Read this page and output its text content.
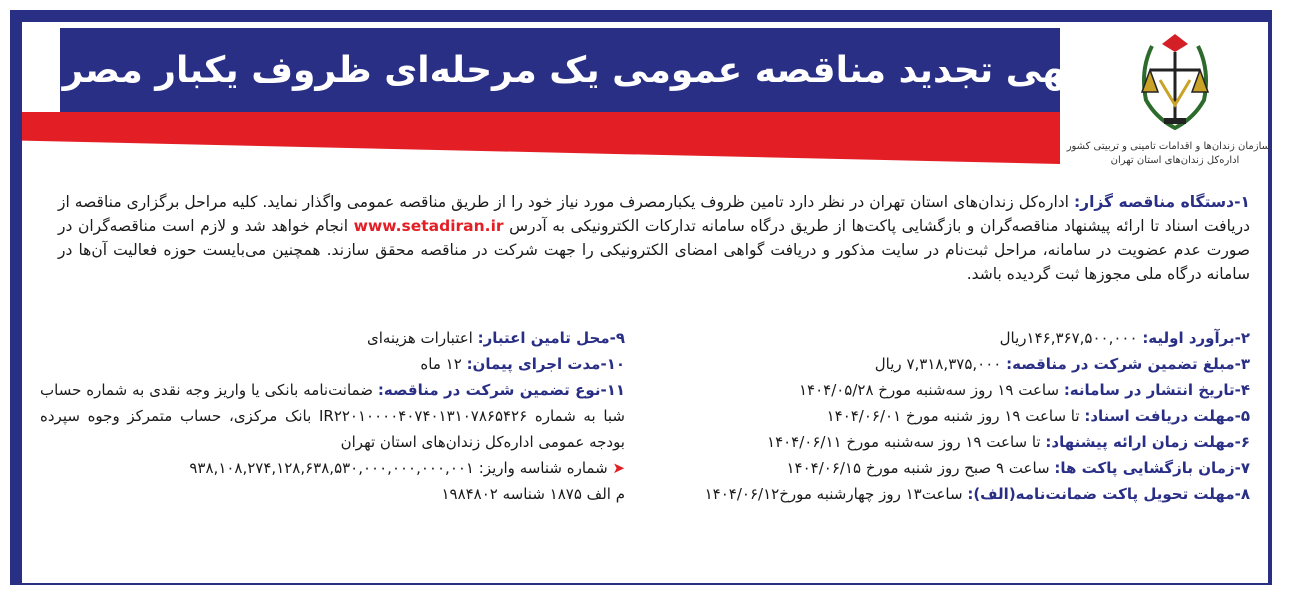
آگهی تجدید مناقصه عمومی یک مرحله‌ای ظروف یکبار مصرف
سازمان زندان‌ها و اقدامات تامینی و تربیتی کشور
اداره‌کل زندان‌های استان تهران
۱-دستگاه مناقصه گزار: اداره‌کل زندان‌های استان تهران در نظر دارد تامین ظروف یکبارمصرف مورد نیاز خود را از طریق مناقصه عمومی واگذار نماید. کلیه مراحل برگزاری مناقصه از دریافت اسناد تا ارائه پیشنهاد مناقصه‌گران و بازگشایی پاکت‌ها از طریق درگاه سامانه تدارکات الکترونیکی به آدرس www.setadiran.ir انجام خواهد شد و لازم است مناقصه‌گران در صورت عدم عضویت در سامانه، مراحل ثبت‌نام در سایت مذکور و دریافت گواهی امضای الکترونیکی را جهت شرکت در مناقصه محقق سازند. همچنین می‌بایست حوزه فعالیت آن‌ها در سامانه درگاه ملی مجوزها ثبت گردیده باشد.
۲-برآورد اولیه: ۱۴۶,۳۶۷,۵۰۰,۰۰۰ریال
۳-مبلغ تضمین شرکت در مناقصه: ۷,۳۱۸,۳۷۵,۰۰۰ ریال
۴-تاریخ انتشار در سامانه: ساعت ۱۹ روز سه‌شنبه مورخ ۱۴۰۴/۰۵/۲۸
۵-مهلت دریافت اسناد: تا ساعت ۱۹ روز شنبه مورخ ۱۴۰۴/۰۶/۰۱
۶-مهلت زمان ارائه پیشنهاد: تا ساعت ۱۹ روز سه‌شنبه مورخ ۱۴۰۴/۰۶/۱۱
۷-زمان بازگشایی پاکت ها: ساعت ۹ صبح روز شنبه مورخ ۱۴۰۴/۰۶/۱۵
۸-مهلت تحویل پاکت ضمانت‌نامه(الف): ساعت۱۳ روز چهارشنبه مورخ۱۴۰۴/۰۶/۱۲
۹-محل تامین اعتبار: اعتبارات هزینه‌ای
۱۰-مدت اجرای پیمان: ۱۲ ماه
۱۱-نوع تضمین شرکت در مناقصه: ضمانت‌نامه بانکی یا واریز وجه نقدی به شماره حساب شبا به شماره IR۲۲۰۱۰۰۰۰۴۰۷۴۰۱۳۱۰۷۸۶۵۴۲۶ بانک مرکزی، حساب متمرکز وجوه سپرده بودجه عمومی اداره‌کل زندان‌های استان تهران
➤ شماره شناسه واریز: ۹۳۸,۱۰۸,۲۷۴,۱۲۸,۶۳۸,۵۳۰,۰۰۰,۰۰۰,۰۰۰,۰۰۱
م الف ۱۸۷۵ شناسه ۱۹۸۴۸۰۲
